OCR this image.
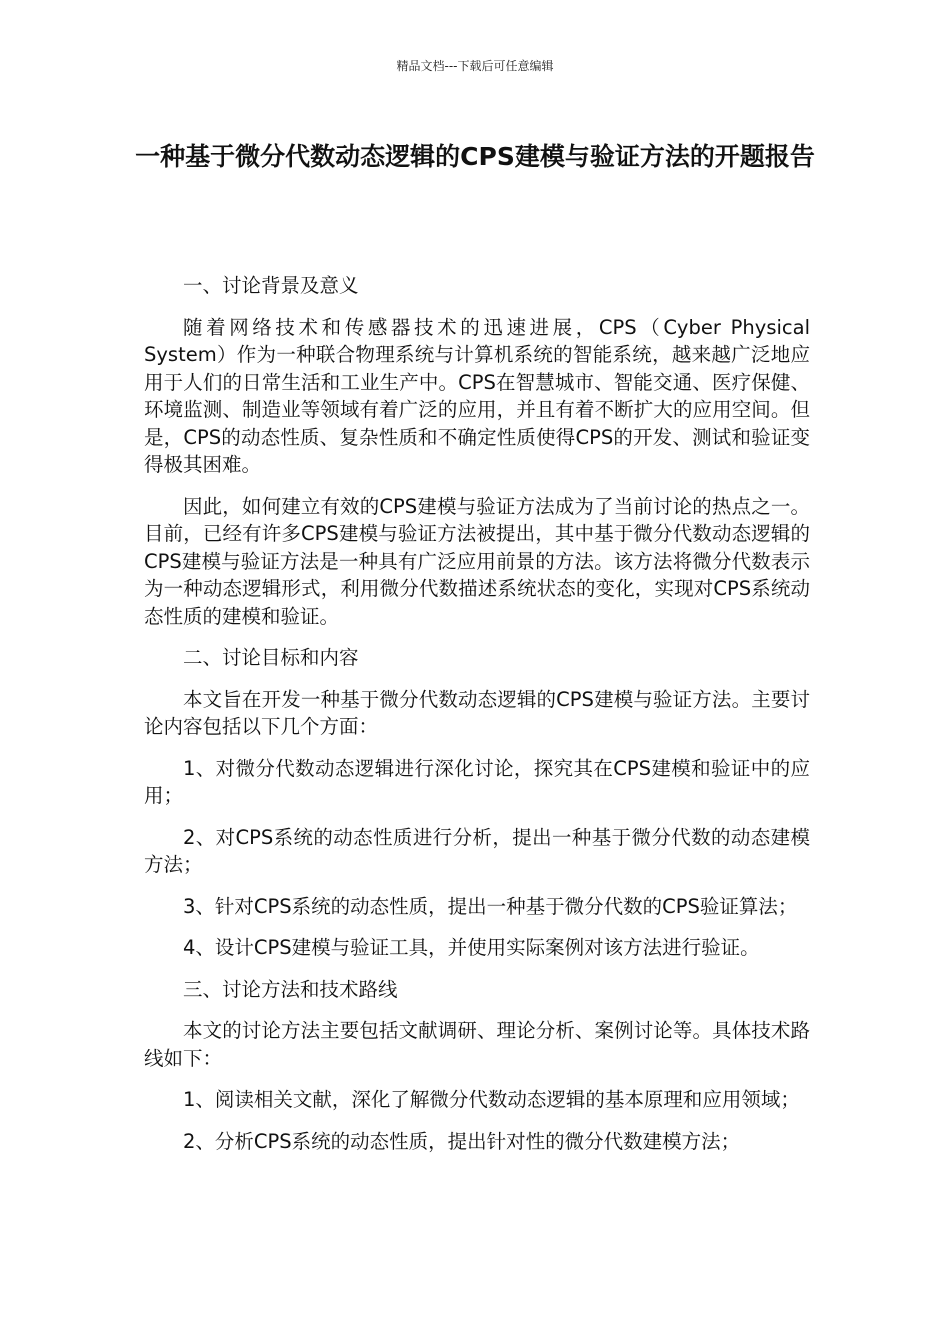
精品文档---下载后可任意编辑
一种基于微分代数动态逻辑的CPS建模与验证方法的开题报告

一、讨论背景及意义

随着网络技术和传感器技术的迅速进展，CPS（Cyber Physical System）作为一种联合物理系统与计算机系统的智能系统，越来越广泛地应用于人们的日常生活和工业生产中。CPS在智慧城市、智能交通、医疗保健、环境监测、制造业等领域有着广泛的应用，并且有着不断扩大的应用空间。但是，CPS的动态性质、复杂性质和不确定性质使得CPS的开发、测试和验证变得极其困难。

因此，如何建立有效的CPS建模与验证方法成为了当前讨论的热点之一。目前，已经有许多CPS建模与验证方法被提出，其中基于微分代数动态逻辑的CPS建模与验证方法是一种具有广泛应用前景的方法。该方法将微分代数表示为一种动态逻辑形式，利用微分代数描述系统状态的变化，实现对CPS系统动态性质的建模和验证。

二、讨论目标和内容

本文旨在开发一种基于微分代数动态逻辑的CPS建模与验证方法。主要讨论内容包括以下几个方面：

1、对微分代数动态逻辑进行深化讨论，探究其在CPS建模和验证中的应用；

2、对CPS系统的动态性质进行分析，提出一种基于微分代数的动态建模方法；

3、针对CPS系统的动态性质，提出一种基于微分代数的CPS验证算法；

4、设计CPS建模与验证工具，并使用实际案例对该方法进行验证。

三、讨论方法和技术路线

本文的讨论方法主要包括文献调研、理论分析、案例讨论等。具体技术路线如下：

1、阅读相关文献，深化了解微分代数动态逻辑的基本原理和应用领域；

2、分析CPS系统的动态性质，提出针对性的微分代数建模方法；
